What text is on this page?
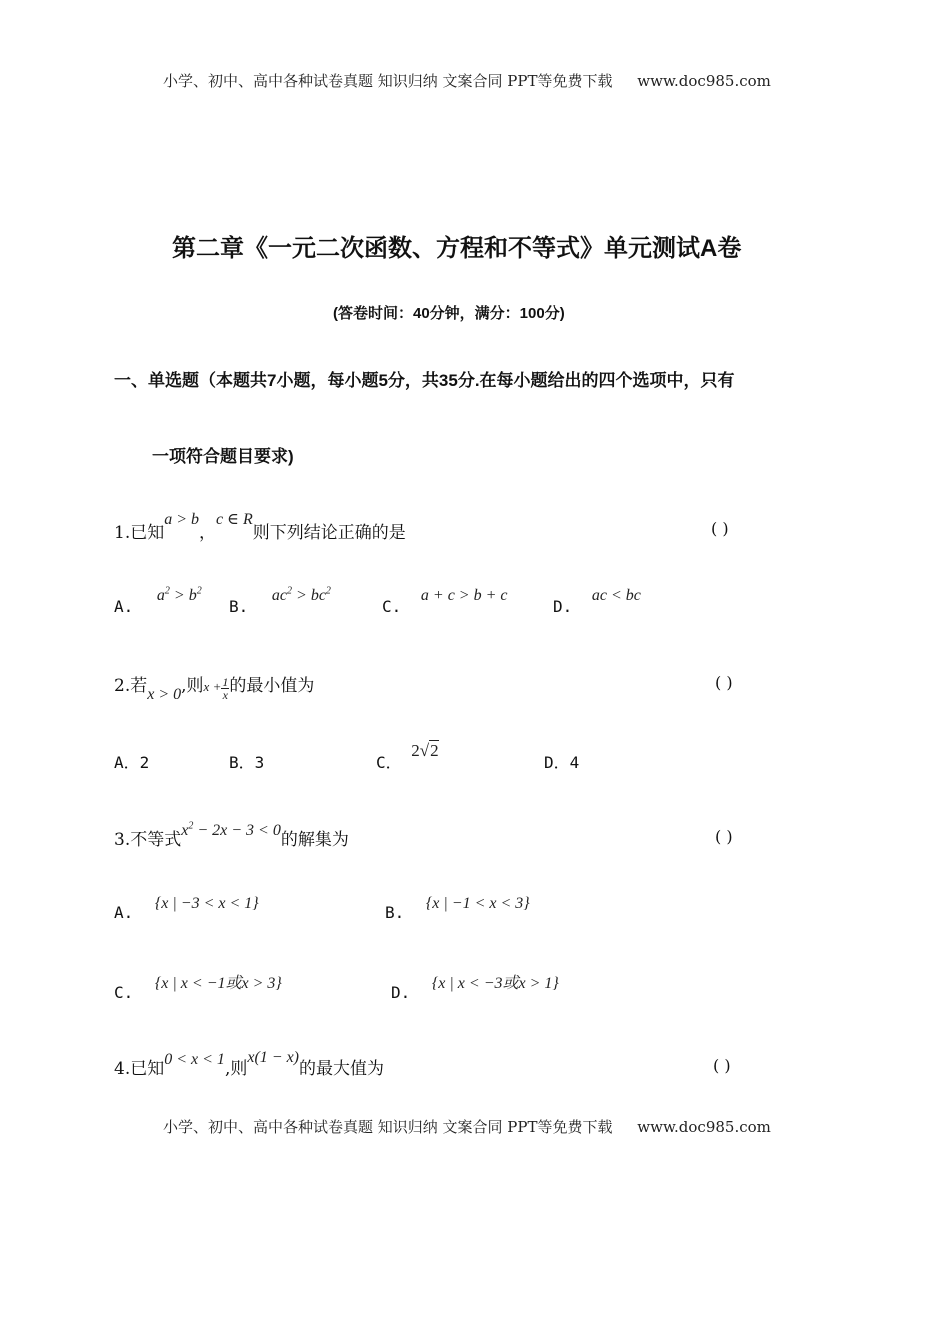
小学、初中、高中各种试卷真题 知识归纳 文案合同 PPT等免费下载 www.doc985.com
第二章《一元二次函数、方程和不等式》单元测试A卷
(答卷时间：40分钟，满分：100分)
一、单选题（本题共7小题，每小题5分，共35分.在每小题给出的四个选项中，只有
一项符合题目要求)
1.已知a > b，c ∈ R则下列结论正确的是	( )
A. $a^2 > b^2$
B. $ac^2 > bc^2$
C. a + c > b + c
D. ac < bc
2.若x > 0,则$x + \frac{1}{x}$ 的最小值为	( )
A．2	B．3	C． 2√2
D．4
3.不等式$x^2 - 2x - 3 < 0$的解集为	( )
A. {x | −3 < x < 1}	B. {x | −1 < x < 3}
C. {x | x < −1或x > 3}	D. {x | x < −3或x > 1}
4.已知0 < x < 1,则x(1 − x)的最大值为	( )
小学、初中、高中各种试卷真题 知识归纳 文案合同 PPT等免费下载 www.doc985.com
